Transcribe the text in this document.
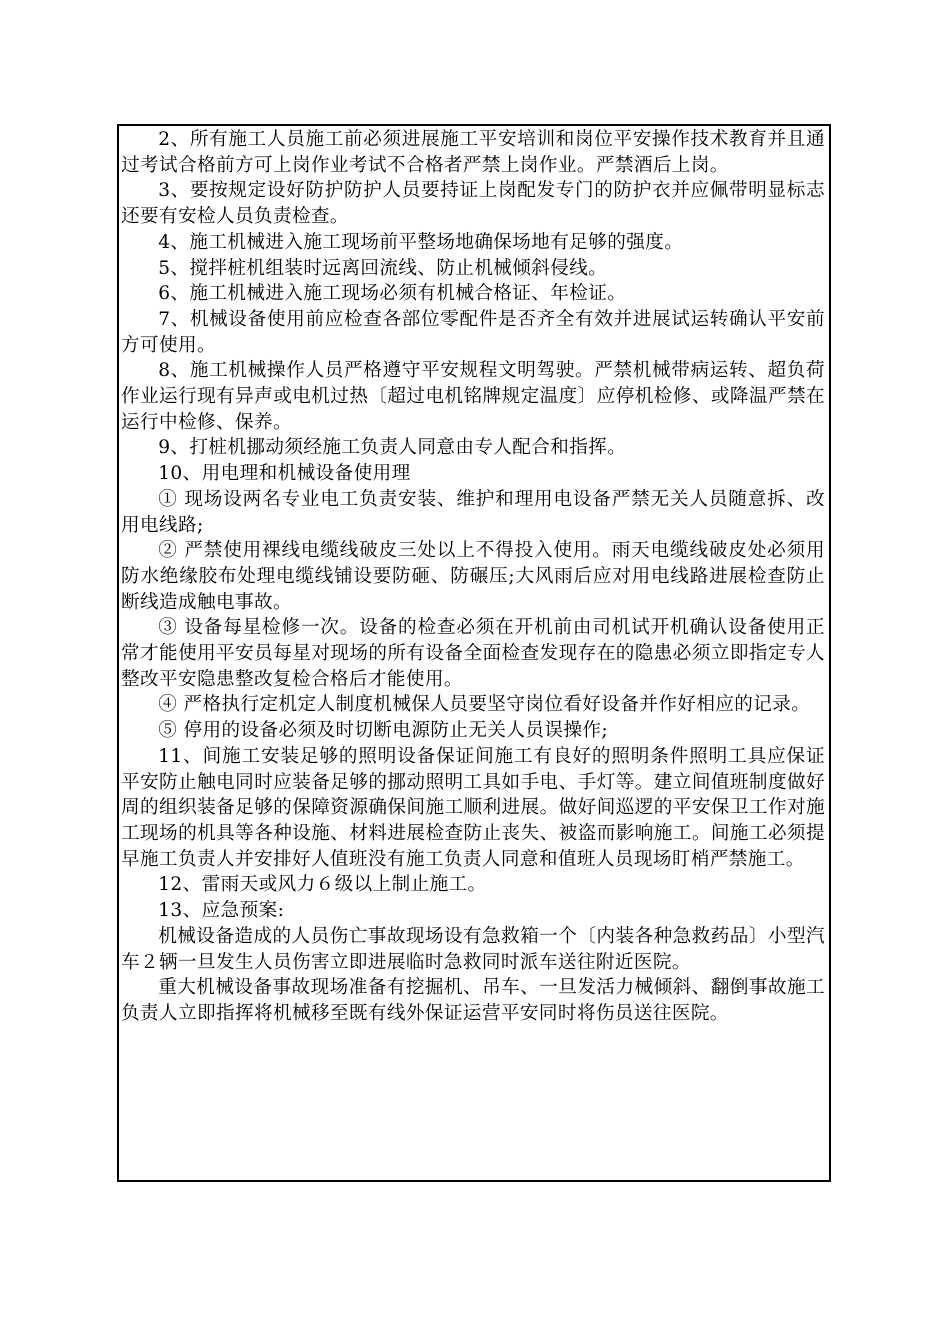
2、所有施工人员施工前必须进展施工平安培训和岗位平安操作技术教育并且通过考试合格前方可上岗作业考试不合格者严禁上岗作业。严禁酒后上岗。

3、要按规定设好防护防护人员要持证上岗配发专门的防护衣并应佩带明显标志还要有安检人员负责检查。

4、施工机械进入施工现场前平整场地确保场地有足够的强度。

5、搅拌桩机组装时远离回流线、防止机械倾斜侵线。

6、施工机械进入施工现场必须有机械合格证、年检证。

7、机械设备使用前应检查各部位零配件是否齐全有效并进展试运转确认平安前方可使用。

8、施工机械操作人员严格遵守平安规程文明驾驶。严禁机械带病运转、超负荷作业运行现有异声或电机过热〔超过电机铭牌规定温度〕应停机检修、或降温严禁在运行中检修、保养。

9、打桩机挪动须经施工负责人同意由专人配合和指挥。

10、用电理和机械设备使用理

① 现场设两名专业电工负责安装、维护和理用电设备严禁无关人员随意拆、改用电线路;

② 严禁使用裸线电缆线破皮三处以上不得投入使用。雨天电缆线破皮处必须用防水绝缘胶布处理电缆线铺设要防砸、防碾压;大风雨后应对用电线路进展检查防止断线造成触电事故。

③ 设备每星检修一次。设备的检查必须在开机前由司机试开机确认设备使用正常才能使用平安员每星对现场的所有设备全面检查发现存在的隐患必须立即指定专人整改平安隐患整改复检合格后才能使用。

④ 严格执行定机定人制度机械保人员要坚守岗位看好设备并作好相应的记录。

⑤ 停用的设备必须及时切断电源防止无关人员误操作;

11、间施工安装足够的照明设备保证间施工有良好的照明条件照明工具应保证平安防止触电同时应装备足够的挪动照明工具如手电、手灯等。建立间值班制度做好周的组织装备足够的保障资源确保间施工顺利进展。做好间巡逻的平安保卫工作对施工现场的机具等各种设施、材料进展检查防止丧失、被盗而影响施工。间施工必须提早施工负责人并安排好人值班没有施工负责人同意和值班人员现场盯梢严禁施工。

12、雷雨天或风力６级以上制止施工。

13、应急预案:

机械设备造成的人员伤亡事故现场设有急救箱一个〔内装各种急救药品〕小型汽车２辆一旦发生人员伤害立即进展临时急救同时派车送往附近医院。

重大机械设备事故现场准备有挖掘机、吊车、一旦发活力械倾斜、翻倒事故施工负责人立即指挥将机械移至既有线外保证运营平安同时将伤员送往医院。
